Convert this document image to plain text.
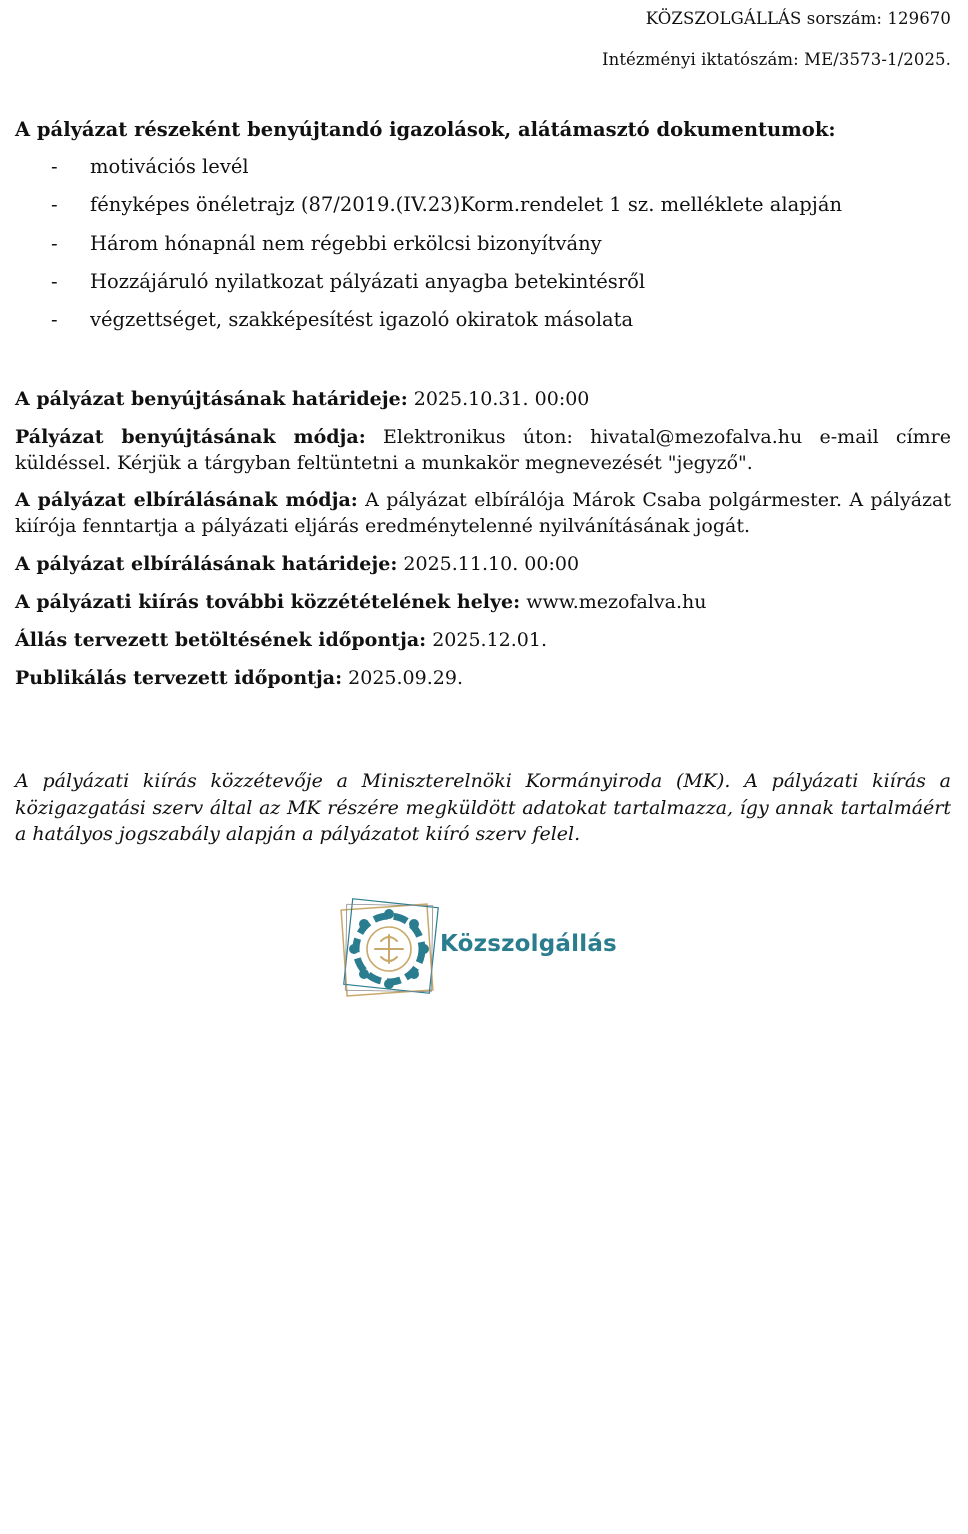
KÖZSZOLGÁLLÁS sorszám: 129670
Intézményi iktatószám: ME/3573-1/2025.
A pályázat részeként benyújtandó igazolások, alátámasztó dokumentumok:
-	motivációs levél
-	fényképes önéletrajz (87/2019.(IV.23)Korm.rendelet 1 sz. melléklete alapján
-	Három hónapnál nem régebbi erkölcsi bizonyítvány
-	Hozzájáruló nyilatkozat pályázati anyagba betekintésről
-	végzettséget, szakképesítést igazoló okiratok másolata
A pályázat benyújtásának határideje: 2025.10.31. 00:00
Pályázat benyújtásának módja: Elektronikus úton: hivatal@mezofalva.hu e-mail címre küldéssel. Kérjük a tárgyban feltüntetni a munkakör megnevezését "jegyző".
A pályázat elbírálásának módja: A pályázat elbírálója Márok Csaba polgármester. A pályázat kiírója fenntartja a pályázati eljárás eredménytelenné nyilvánításának jogát.
A pályázat elbírálásának határideje: 2025.11.10. 00:00
A pályázati kiírás további közzétételének helye: www.mezofalva.hu
Állás tervezett betöltésének időpontja: 2025.12.01.
Publikálás tervezett időpontja: 2025.09.29.
A pályázati kiírás közzétevője a Miniszterelnöki Kormányiroda (MK). A pályázati kiírás a közigazgatási szerv által az MK részére megküldött adatokat tartalmazza, így annak tartalmáért a hatályos jogszabály alapján a pályázatot kiíró szerv felel.
Közszolgállás
